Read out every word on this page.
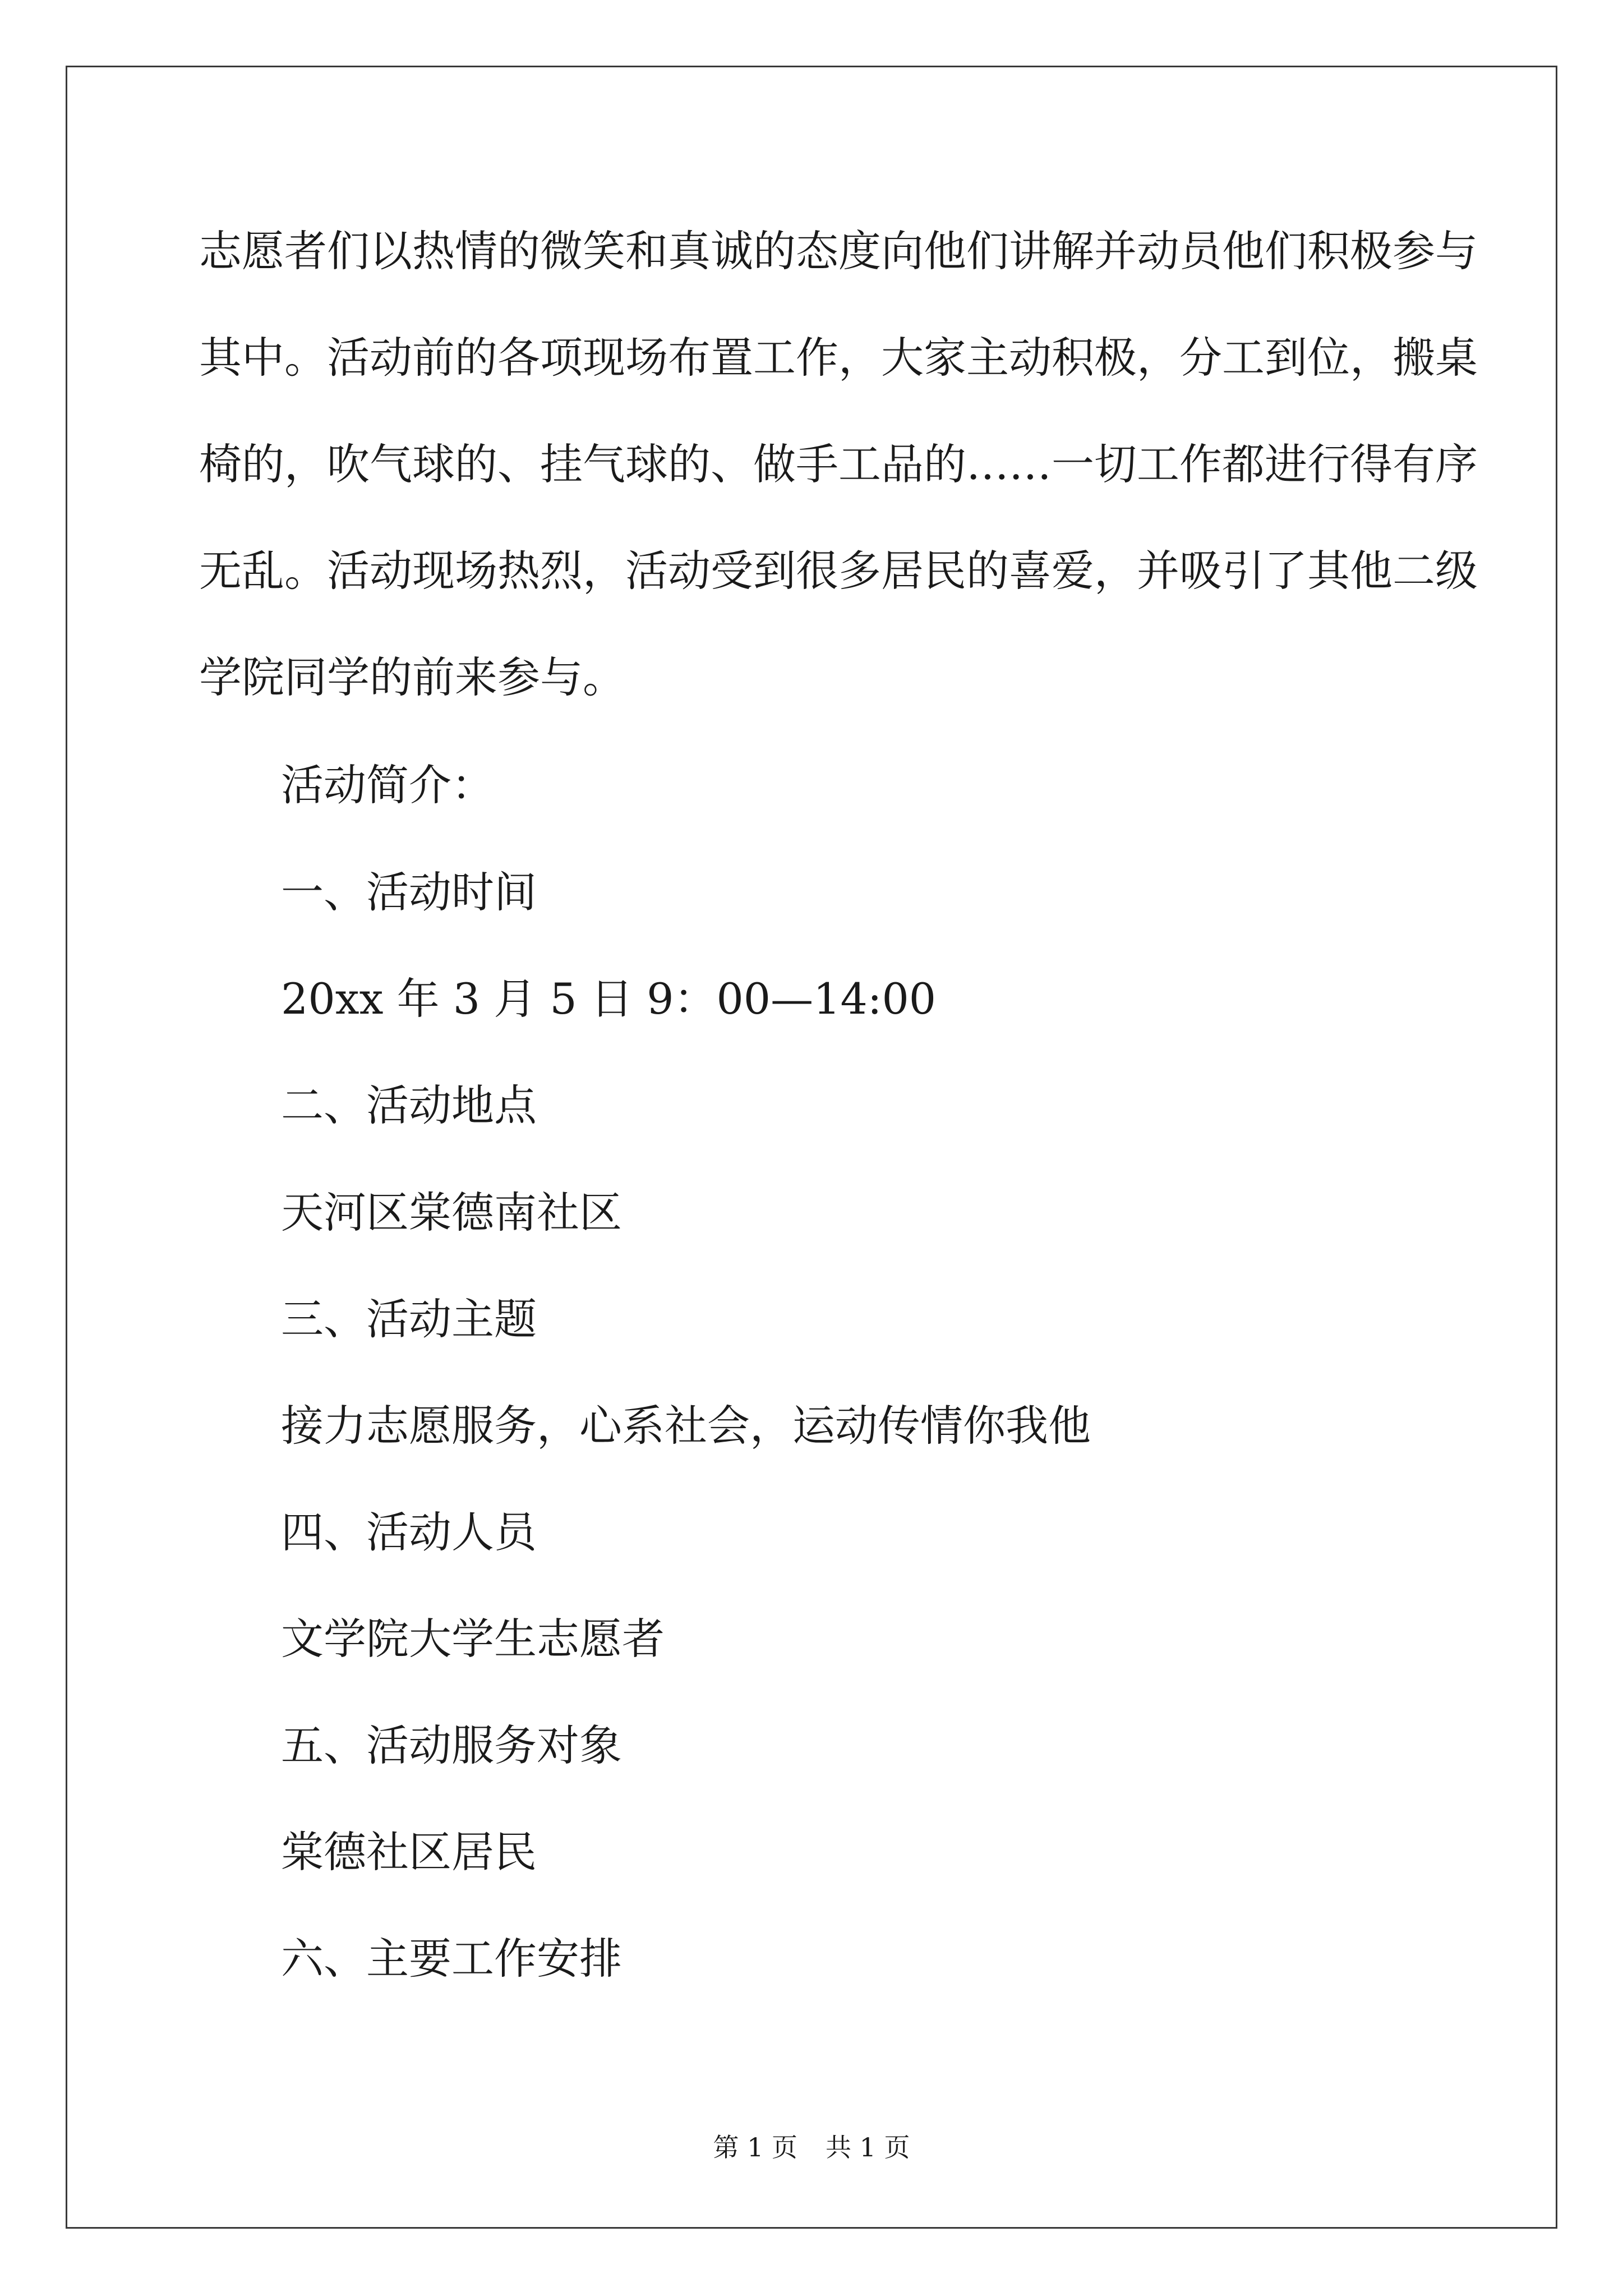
志愿者们以热情的微笑和真诚的态度向他们讲解并动员他们积极参与
其中。活动前的各项现场布置工作，大家主动积极，分工到位，搬桌
椅的，吹气球的、挂气球的、做手工品的……一切工作都进行得有序
无乱。活动现场热烈，活动受到很多居民的喜爱，并吸引了其他二级
学院同学的前来参与。
活动简介：
一、活动时间
20xx 年 3 月 5 日 9：00—14:00
二、活动地点
天河区棠德南社区
三、活动主题
接力志愿服务，心系社会，运动传情你我他
四、活动人员
文学院大学生志愿者
五、活动服务对象
棠德社区居民
六、主要工作安排
第 1 页 共 1 页
